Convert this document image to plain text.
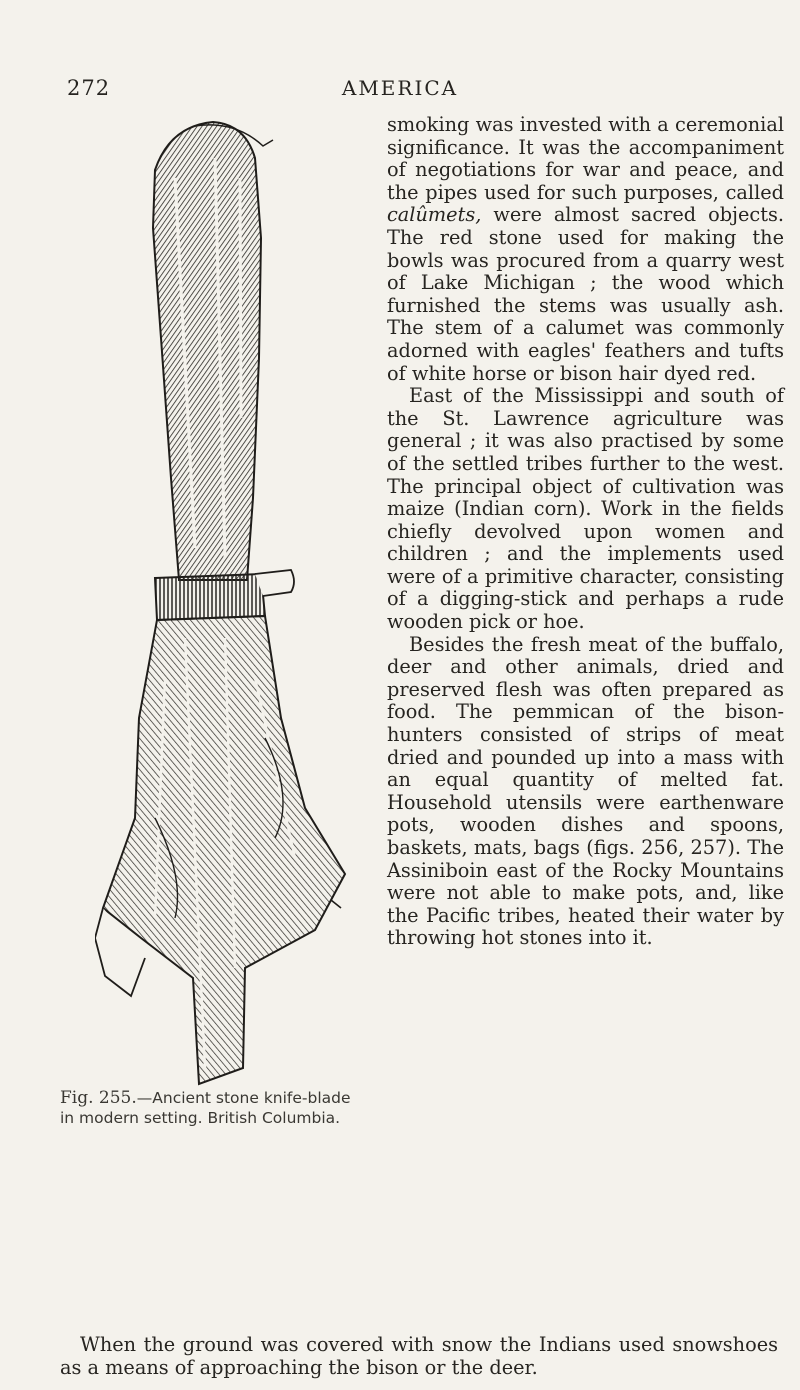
272	AMERICA
Fig. 255.—Ancient stone knife-blade in modern setting. British Columbia.

smoking was invested with a ceremonial significance. It was the accompaniment of negotiations for war and peace, and the pipes used for such purposes, called calûmets, were almost sacred objects. The red stone used for making the bowls was procured from a quarry west of Lake Michigan ; the wood which furnished the stems was usually ash. The stem of a calumet was commonly adorned with eagles' feathers and tufts of white horse or bison hair dyed red.

East of the Mississippi and south of the St. Lawrence agriculture was general ; it was also practised by some of the settled tribes further to the west. The principal object of cultivation was maize (Indian corn). Work in the fields chiefly devolved upon women and children ; and the implements used were of a primitive character, consisting of a digging-stick and perhaps a rude wooden pick or hoe.

Besides the fresh meat of the buffalo, deer and other animals, dried and preserved flesh was often prepared as food. The pemmican of the bison-hunters consisted of strips of meat dried and pounded up into a mass with an equal quantity of melted fat. Household utensils were earthenware pots, wooden dishes and spoons, baskets, mats, bags (figs. 256, 257). The Assiniboin east of the Rocky Mountains were not able to make pots, and, like the Pacific tribes, heated their water by throwing hot stones into it.

When the ground was covered with snow the Indians used snowshoes as a means of approaching the bison or the deer.
